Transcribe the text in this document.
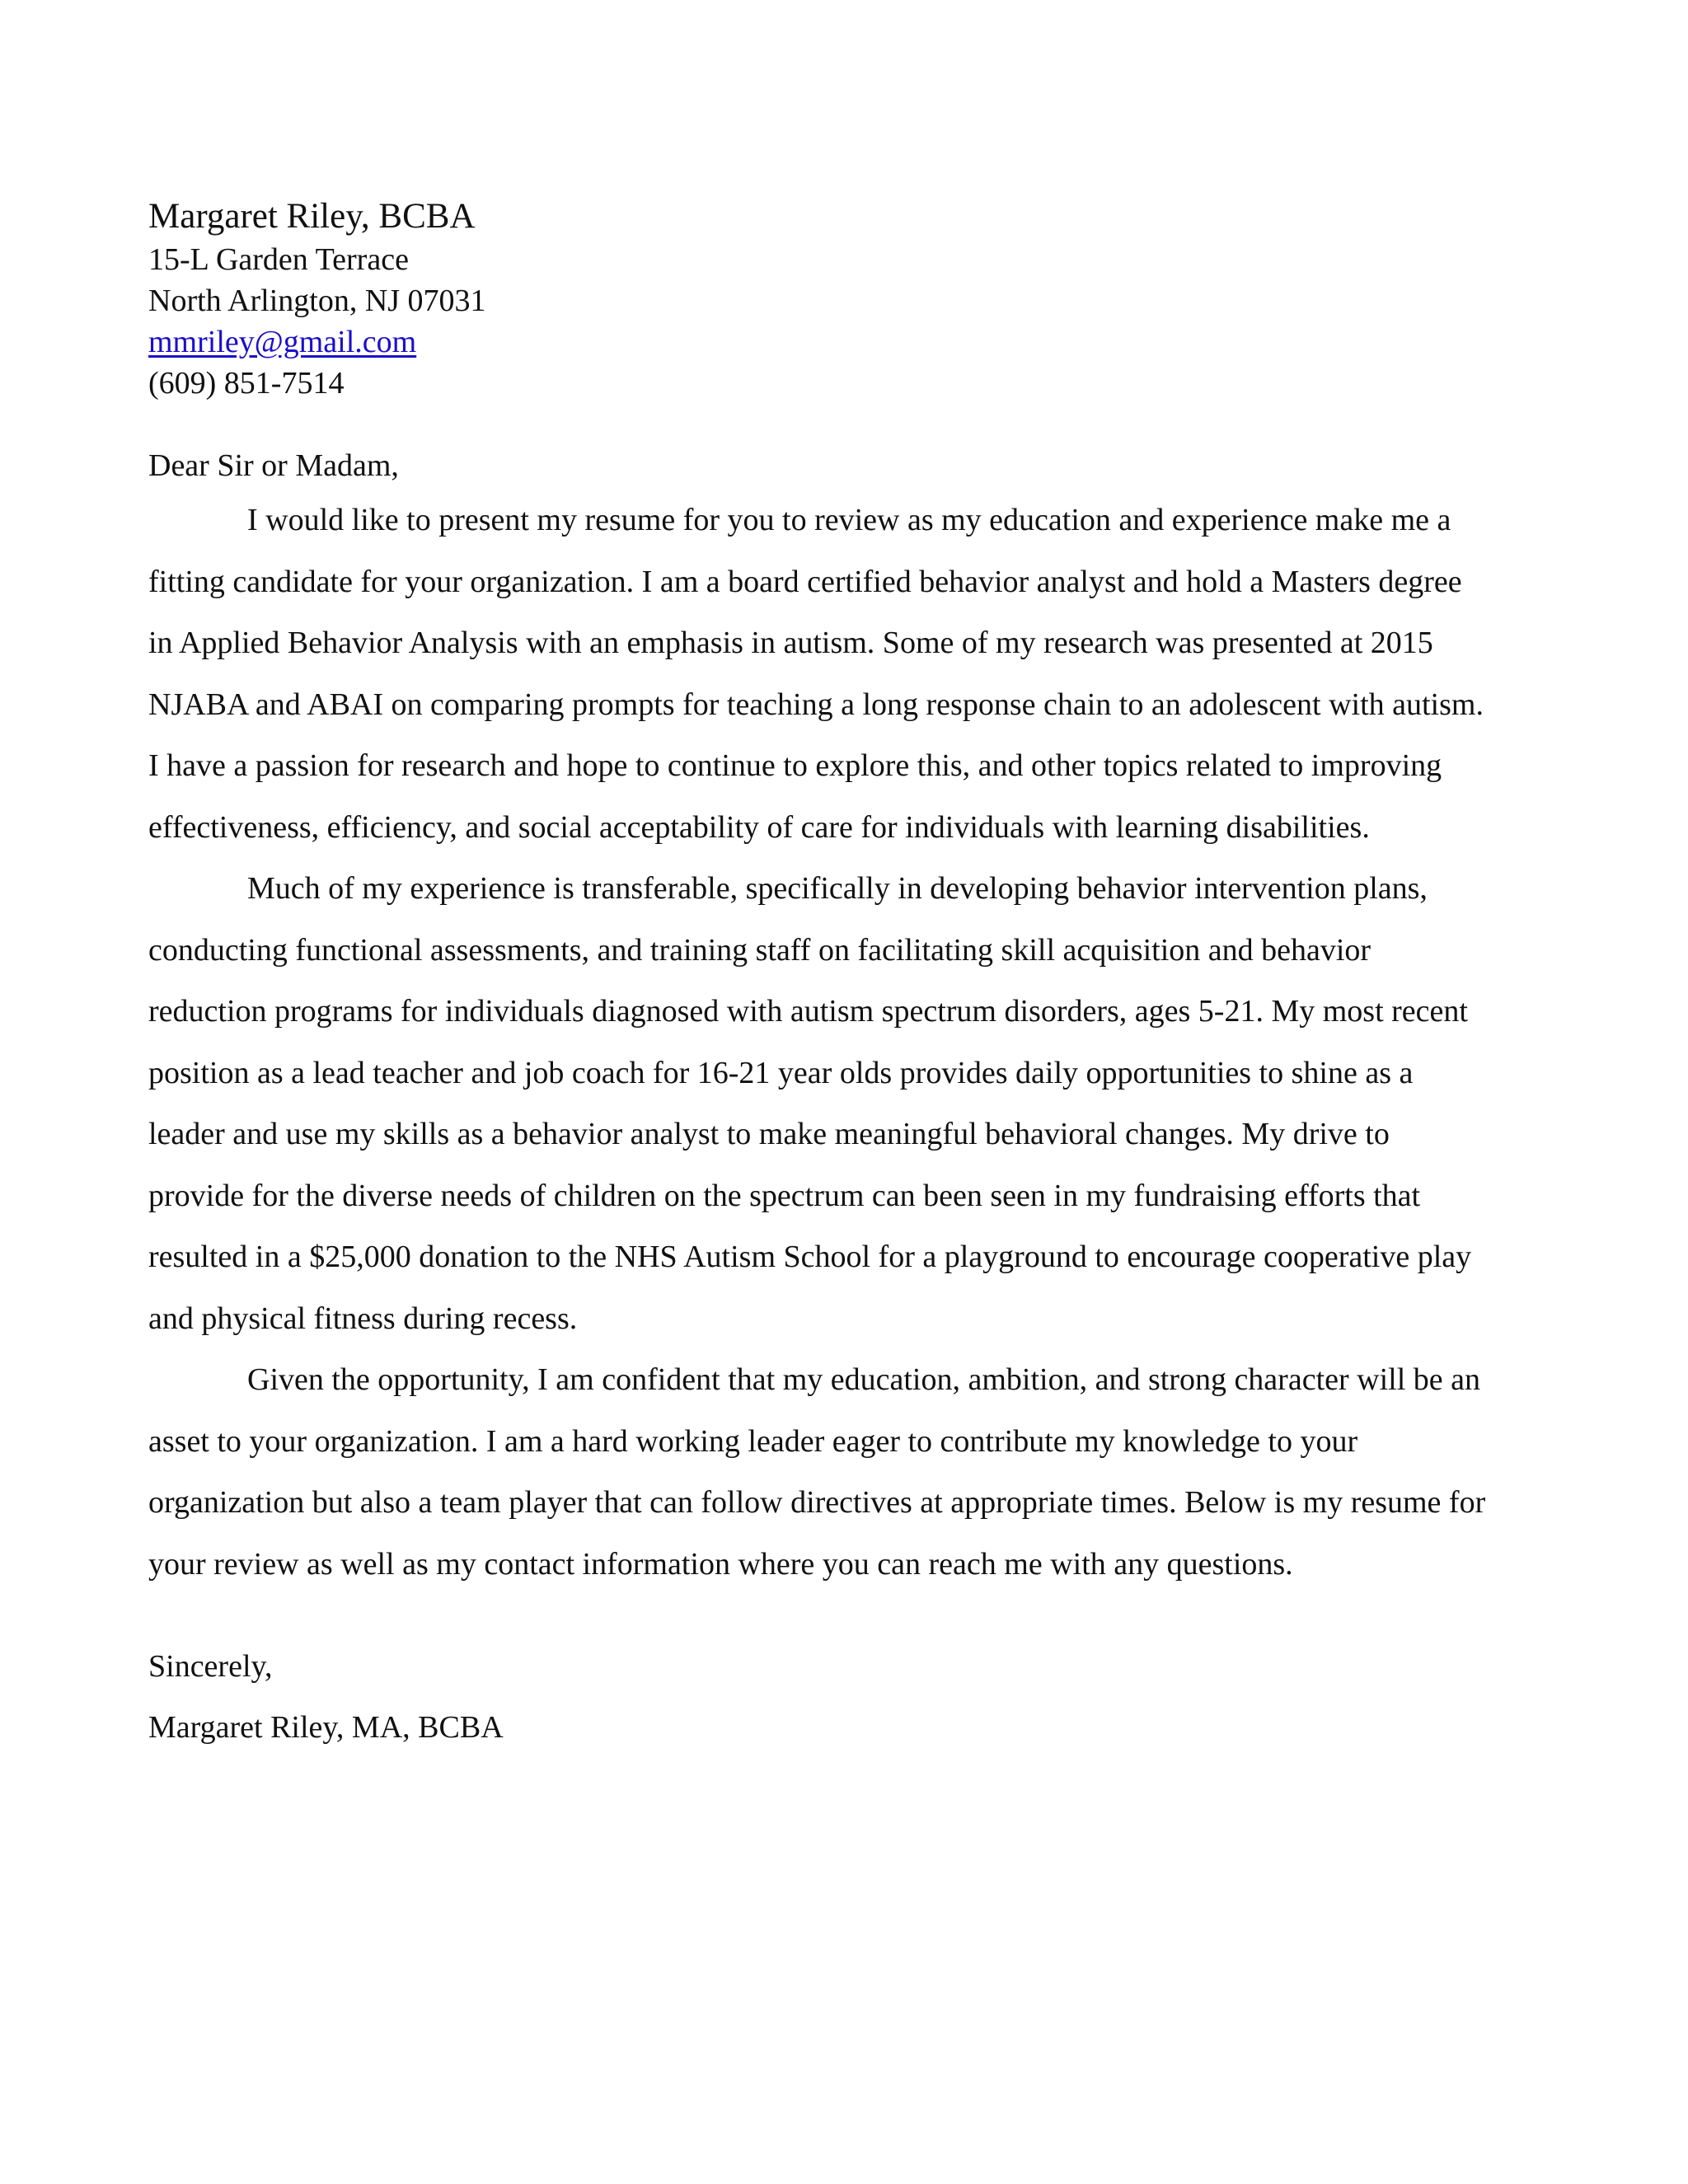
Margaret Riley, BCBA

15-L Garden Terrace

North Arlington, NJ 07031

mmriley@gmail.com

(609) 851-7514

Dear Sir or Madam,

I would like to present my resume for you to review as my education and experience make me a fitting candidate for your organization. I am a board certified behavior analyst and hold a Masters degree in Applied Behavior Analysis with an emphasis in autism. Some of my research was presented at 2015 NJABA and ABAI on comparing prompts for teaching a long response chain to an adolescent with autism. I have a passion for research and hope to continue to explore this, and other topics related to improving effectiveness, efficiency, and social acceptability of care for individuals with learning disabilities.

Much of my experience is transferable, specifically in developing behavior intervention plans, conducting functional assessments, and training staff on facilitating skill acquisition and behavior reduction programs for individuals diagnosed with autism spectrum disorders, ages 5-21. My most recent position as a lead teacher and job coach for 16-21 year olds provides daily opportunities to shine as a leader and use my skills as a behavior analyst to make meaningful behavioral changes. My drive to provide for the diverse needs of children on the spectrum can been seen in my fundraising efforts that resulted in a $25,000 donation to the NHS Autism School for a playground to encourage cooperative play and physical fitness during recess.

Given the opportunity, I am confident that my education, ambition, and strong character will be an asset to your organization. I am a hard working leader eager to contribute my knowledge to your organization but also a team player that can follow directives at appropriate times. Below is my resume for your review as well as my contact information where you can reach me with any questions.

Sincerely,

Margaret Riley, MA, BCBA
